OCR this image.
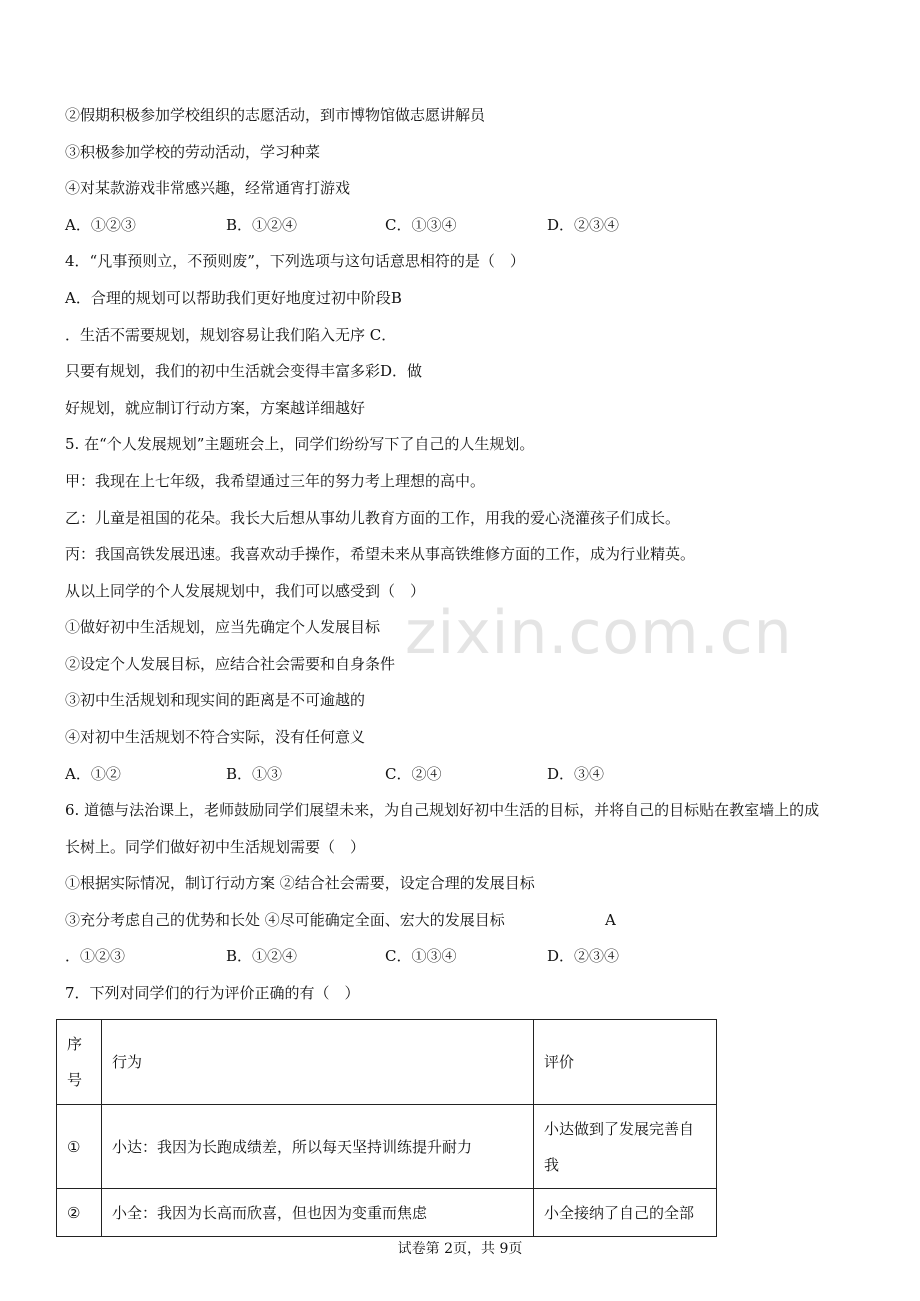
zixin.com.cn
②假期积极参加学校组织的志愿活动，到市博物馆做志愿讲解员
③积极参加学校的劳动活动，学习种菜
④对某款游戏非常感兴趣，经常通宵打游戏
A．①②③	B．①②④	C．①③④	D．②③④
4．“凡事预则立，不预则废”，下列选项与这句话意思相符的是（　）
A．合理的规划可以帮助我们更好地度过初中阶段B
．生活不需要规划，规划容易让我们陷入无序 C．
只要有规划，我们的初中生活就会变得丰富多彩D．做
好规划，就应制订行动方案，方案越详细越好
5. 在“个人发展规划”主题班会上，同学们纷纷写下了自己的人生规划。
甲：我现在上七年级，我希望通过三年的努力考上理想的高中。
乙：儿童是祖国的花朵。我长大后想从事幼儿教育方面的工作，用我的爱心浇灌孩子们成长。
丙：我国高铁发展迅速。我喜欢动手操作，希望未来从事高铁维修方面的工作，成为行业精英。
从以上同学的个人发展规划中，我们可以感受到（　）
①做好初中生活规划，应当先确定个人发展目标
②设定个人发展目标，应结合社会需要和自身条件
③初中生活规划和现实间的距离是不可逾越的
④对初中生活规划不符合实际，没有任何意义
A．①②	B．①③	C．②④	D．③④
6. 道德与法治课上，老师鼓励同学们展望未来，为自己规划好初中生活的目标，并将自己的目标贴在教室墙上的成
长树上。同学们做好初中生活规划需要（　）
①根据实际情况，制订行动方案 ②结合社会需要，设定合理的发展目标
③充分考虑自己的优势和长处 ④尽可能确定全面、宏大的发展目标	A
．①②③	B．①②④	C．①③④	D．②③④
7．下列对同学们的行为评价正确的有（　）
序
号	行为	评价
①	小达：我因为长跑成绩差，所以每天坚持训练提升耐力	小达做到了发展完善自
我

②	小全：我因为长高而欣喜，但也因为变重而焦虑	小全接纳了自己的全部
试卷第 2页，共 9页
